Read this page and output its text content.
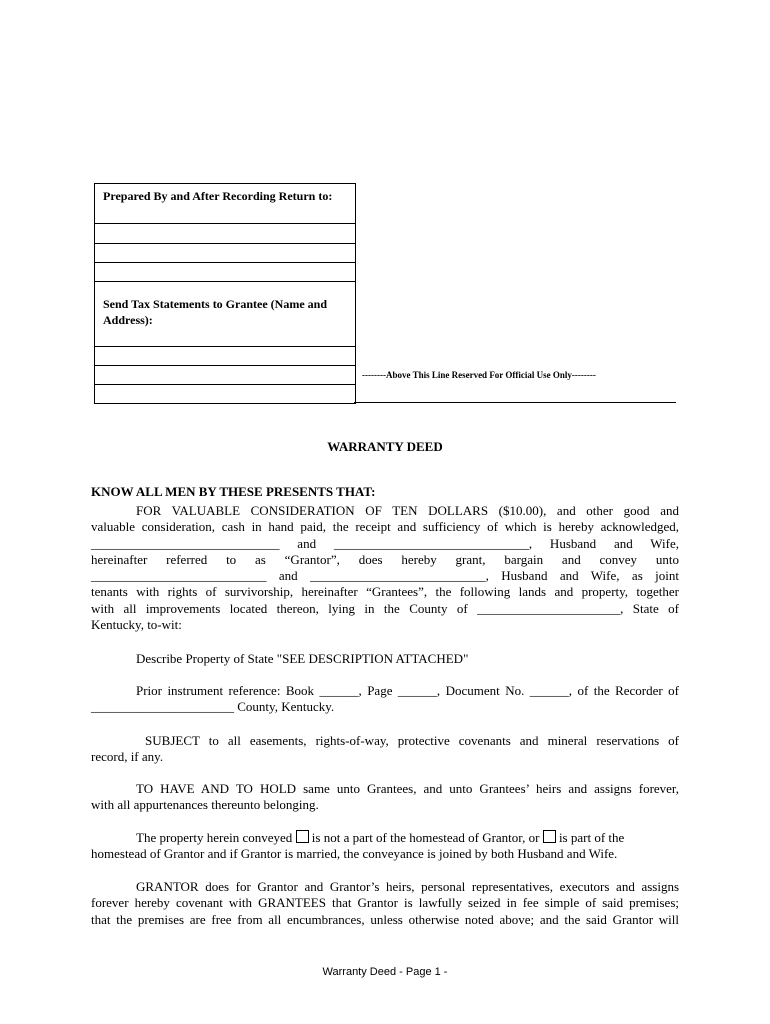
Prepared By and After Recording Return to:
Send Tax Statements to Grantee (Name and
Address):
--------Above This Line Reserved For Official Use Only--------
WARRANTY DEED
KNOW ALL MEN BY THESE PRESENTS THAT:
FOR VALUABLE CONSIDERATION OF TEN DOLLARS ($10.00), and other good and
valuable consideration, cash in hand paid, the receipt and sufficiency of which is hereby acknowledged,
_____________________________ and ______________________________, Husband and Wife,
hereinafter referred to as “Grantor”, does hereby grant, bargain and convey unto
___________________________ and ___________________________, Husband and Wife, as joint
tenants with rights of survivorship, hereinafter “Grantees”, the following lands and property, together
with all improvements located thereon, lying in the County of ______________________, State of
Kentucky, to-wit:
Describe Property of State "SEE DESCRIPTION ATTACHED"
Prior instrument reference: Book ______, Page ______, Document No. ______, of the Recorder of
______________________ County, Kentucky.
SUBJECT to all easements, rights-of-way, protective covenants and mineral reservations of
record, if any.
TO HAVE AND TO HOLD same unto Grantees, and unto Grantees’ heirs and assigns forever,
with all appurtenances thereunto belonging.
The property herein conveyed  is not a part of the homestead of Grantor, or  is part of the
homestead of Grantor and if Grantor is married, the conveyance is joined by both Husband and Wife.
GRANTOR does for Grantor and Grantor’s heirs, personal representatives, executors and assigns
forever hereby covenant with GRANTEES that Grantor is lawfully seized in fee simple of said premises;
that the premises are free from all encumbrances, unless otherwise noted above; and the said Grantor will
Warranty Deed - Page 1 -
